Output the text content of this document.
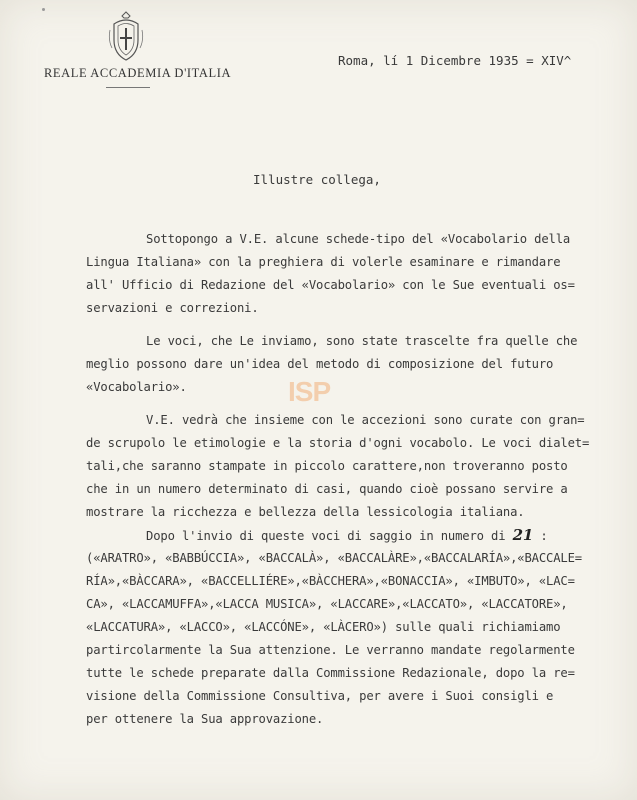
REALE ACCADEMIA D'ITALIA
Roma, lí 1 Dicembre 1935 = XIV^
Illustre collega,
ISP
Sottopongo a V.E. alcune schede-tipo del «Vocabolario della
Lingua Italiana» con la preghiera di volerle esaminare e rimandare
all' Ufficio di Redazione del «Vocabolario» con le Sue eventuali os=
servazioni e correzioni.
Le voci, che Le inviamo, sono state trascelte fra quelle che
meglio possono dare un'idea del metodo di composizione del futuro
«Vocabolario».
V.E. vedrà che insieme con le accezioni sono curate con gran=
de scrupolo le etimologie e la storia d'ogni vocabolo. Le voci dialet=
tali,che saranno stampate in piccolo carattere,non troveranno posto
che in un numero determinato di casi, quando cioè possano servire a
mostrare la ricchezza e bellezza della lessicologia italiana.
Dopo l'invio di queste voci di saggio in numero di 21 :
(«ARATRO», «BABBÚCCIA», «BACCALÀ», «BACCALÀRE»,«BACCALARÍA»,«BACCALE=
RÍA»,«BÀCCARA», «BACCELLIÉRE»,«BÀCCHERA»,«BONACCIA», «IMBUTO», «LAC=
CA», «LACCAMUFFA»,«LACCA MUSICA», «LACCARE»,«LACCATO», «LACCATORE»,
«LACCATURA», «LACCO», «LACCÓNE», «LÀCERO») sulle quali richiamiamo
partircolarmente la Sua attenzione. Le verranno mandate regolarmente
tutte le schede preparate dalla Commissione Redazionale, dopo la re=
visione della Commissione Consultiva, per avere i Suoi consigli e
per ottenere la Sua approvazione.
